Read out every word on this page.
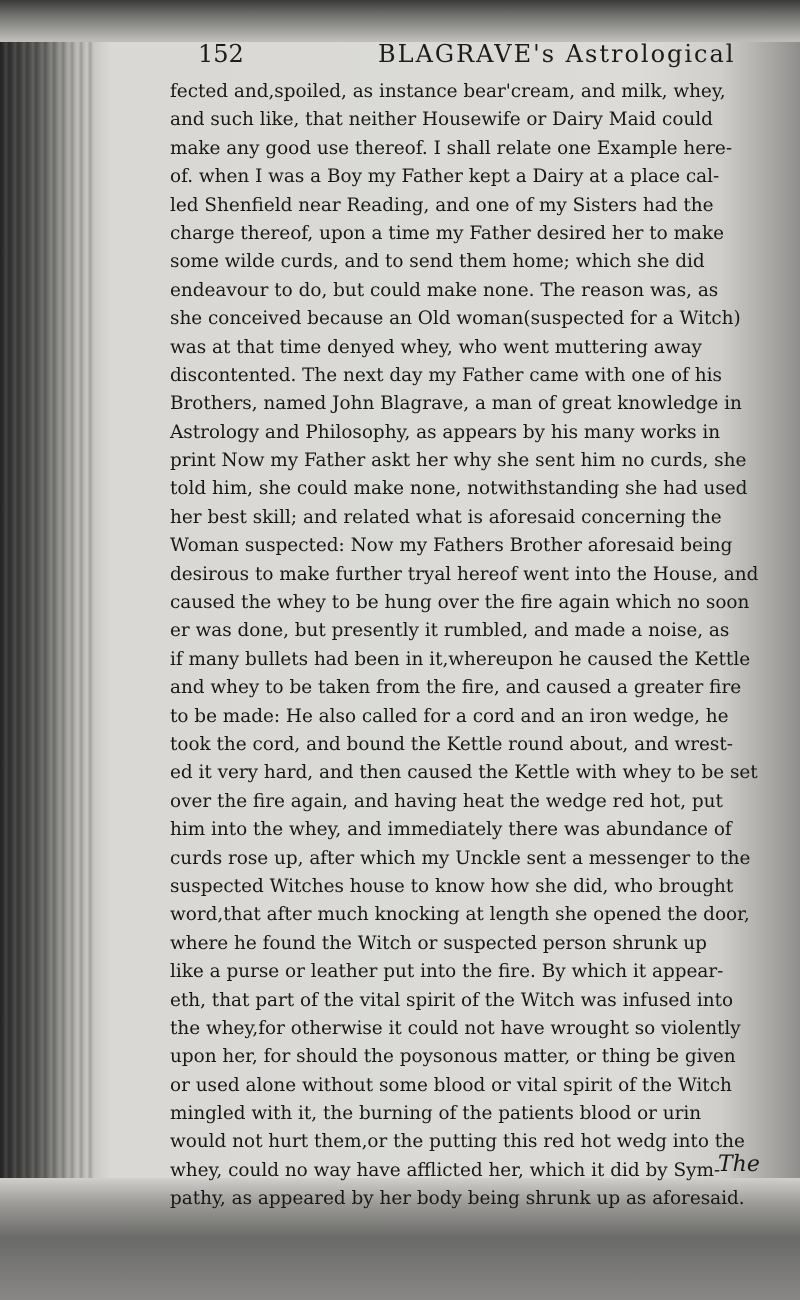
152	BLAGRAVE's Astrological
fected and,spoiled, as instance bear'cream, and milk, whey,
and such like, that neither Housewife or Dairy Maid could
make any good use thereof. I shall relate one Example here-
of. when I was a Boy my Father kept a Dairy at a place cal-
led Shenfield near Reading, and one of my Sisters had the
charge thereof, upon a time my Father desired her to make
some wilde curds, and to send them home; which she did
endeavour to do, but could make none. The reason was, as
she conceived because an Old woman(suspected for a Witch)
was at that time denyed whey, who went muttering away
discontented. The next day my Father came with one of his
Brothers, named John Blagrave, a man of great knowledge in
Astrology and Philosophy, as appears by his many works in
print Now my Father askt her why she sent him no curds, she
told him, she could make none, notwithstanding she had used
her best skill; and related what is aforesaid concerning the
Woman suspected: Now my Fathers Brother aforesaid being
desirous to make further tryal hereof went into the House, and
caused the whey to be hung over the fire again which no soon
er was done, but presently it rumbled, and made a noise, as
if many bullets had been in it,whereupon he caused the Kettle
and whey to be taken from the fire, and caused a greater fire
to be made: He also called for a cord and an iron wedge, he
took the cord, and bound the Kettle round about, and wrest-
ed it very hard, and then caused the Kettle with whey to be set
over the fire again, and having heat the wedge red hot, put
him into the whey, and immediately there was abundance of
curds rose up, after which my Unckle sent a messenger to the
suspected Witches house to know how she did, who brought
word,that after much knocking at length she opened the door,
where he found the Witch or suspected person shrunk up
like a purse or leather put into the fire. By which it appear-
eth, that part of the vital spirit of the Witch was infused into
the whey,for otherwise it could not have wrought so violently
upon her, for should the poysonous matter, or thing be given
or used alone without some blood or vital spirit of the Witch
mingled with it, the burning of the patients blood or urin
would not hurt them,or the putting this red hot wedg into the
whey, could no way have afflicted her, which it did by Sym-
pathy, as appeared by her body being shrunk up as aforesaid.
The
